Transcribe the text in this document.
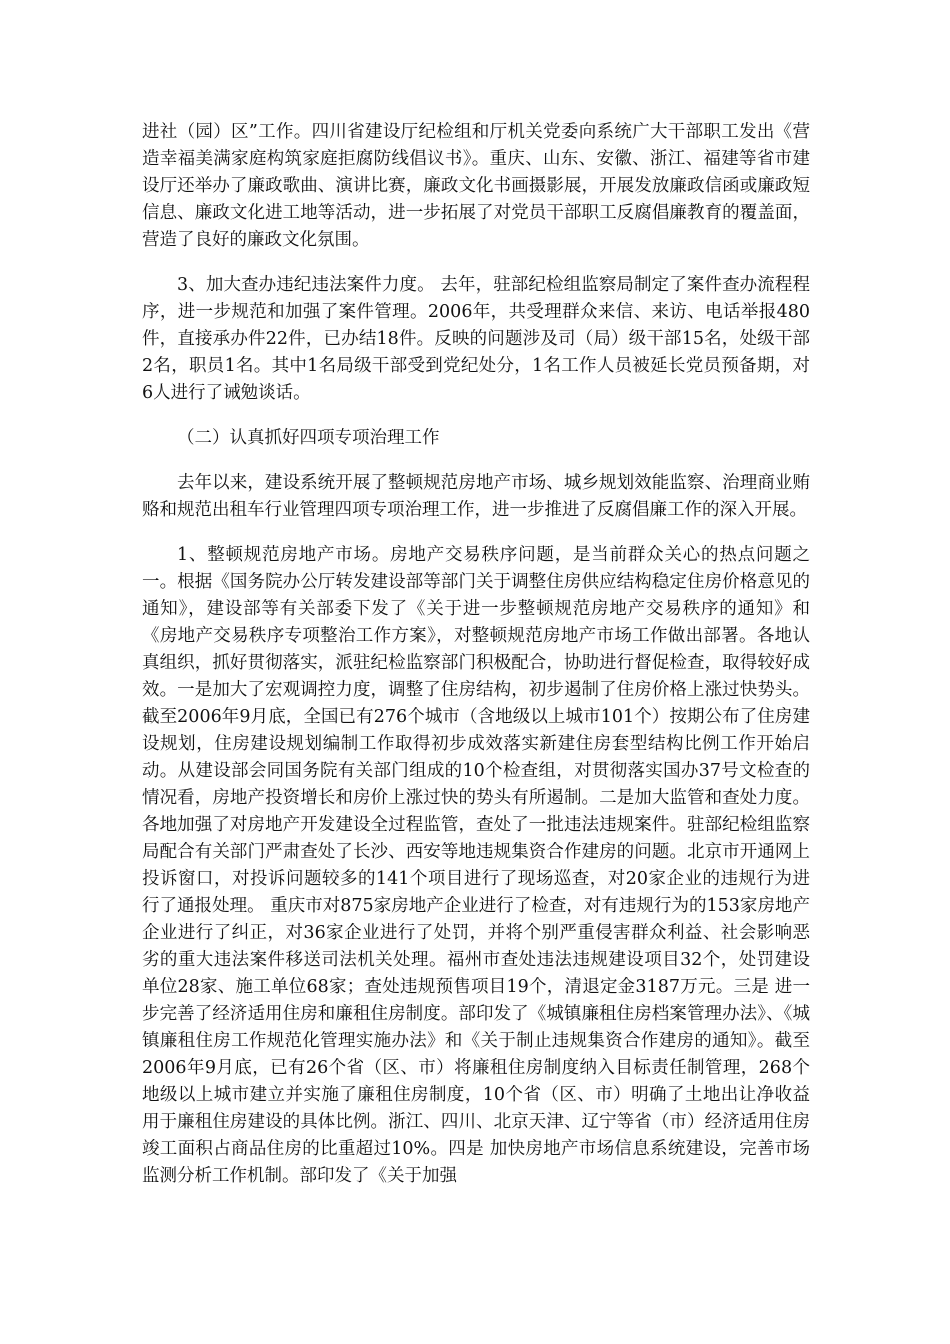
进社（园）区”工作。四川省建设厅纪检组和厅机关党委向系统广大干部职工发出《营造幸福美满家庭构筑家庭拒腐防线倡议书》。重庆、山东、安徽、浙江、福建等省市建设厅还举办了廉政歌曲、演讲比赛，廉政文化书画摄影展，开展发放廉政信函或廉政短信息、廉政文化进工地等活动，进一步拓展了对党员干部职工反腐倡廉教育的覆盖面，营造了良好的廉政文化氛围。

3、加大查办违纪违法案件力度。 去年，驻部纪检组监察局制定了案件查办流程程序，进一步规范和加强了案件管理。2006年，共受理群众来信、来访、电话举报480件，直接承办件22件，已办结18件。反映的问题涉及司（局）级干部15名，处级干部2名，职员1名。其中1名局级干部受到党纪处分，1名工作人员被延长党员预备期，对6人进行了诫勉谈话。

（二）认真抓好四项专项治理工作

去年以来，建设系统开展了整顿规范房地产市场、城乡规划效能监察、治理商业贿赂和规范出租车行业管理四项专项治理工作，进一步推进了反腐倡廉工作的深入开展。

1、整顿规范房地产市场。房地产交易秩序问题，是当前群众关心的热点问题之一。根据《国务院办公厅转发建设部等部门关于调整住房供应结构稳定住房价格意见的通知》，建设部等有关部委下发了《关于进一步整顿规范房地产交易秩序的通知》和《房地产交易秩序专项整治工作方案》，对整顿规范房地产市场工作做出部署。各地认真组织，抓好贯彻落实，派驻纪检监察部门积极配合，协助进行督促检查，取得较好成效。一是加大了宏观调控力度，调整了住房结构，初步遏制了住房价格上涨过快势头。截至2006年9月底，全国已有276个城市（含地级以上城市101个）按期公布了住房建设规划，住房建设规划编制工作取得初步成效落实新建住房套型结构比例工作开始启动。从建设部会同国务院有关部门组成的10个检查组，对贯彻落实国办37号文检查的情况看，房地产投资增长和房价上涨过快的势头有所遏制。二是加大监管和查处力度。各地加强了对房地产开发建设全过程监管，查处了一批违法违规案件。驻部纪检组监察局配合有关部门严肃查处了长沙、西安等地违规集资合作建房的问题。北京市开通网上投诉窗口，对投诉问题较多的141个项目进行了现场巡查，对20家企业的违规行为进行了通报处理。 重庆市对875家房地产企业进行了检查，对有违规行为的153家房地产企业进行了纠正，对36家企业进行了处罚，并将个别严重侵害群众利益、社会影响恶劣的重大违法案件移送司法机关处理。福州市查处违法违规建设项目32个，处罚建设单位28家、施工单位68家；查处违规预售项目19个，清退定金3187万元。三是 进一步完善了经济适用住房和廉租住房制度。部印发了《城镇廉租住房档案管理办法》、《城镇廉租住房工作规范化管理实施办法》和《关于制止违规集资合作建房的通知》。截至2006年9月底，已有26个省（区、市）将廉租住房制度纳入目标责任制管理，268个地级以上城市建立并实施了廉租住房制度，10个省（区、市）明确了土地出让净收益用于廉租住房建设的具体比例。浙江、四川、北京天津、辽宁等省（市）经济适用住房竣工面积占商品住房的比重超过10%。四是 加快房地产市场信息系统建设，完善市场监测分析工作机制。部印发了《关于加强
